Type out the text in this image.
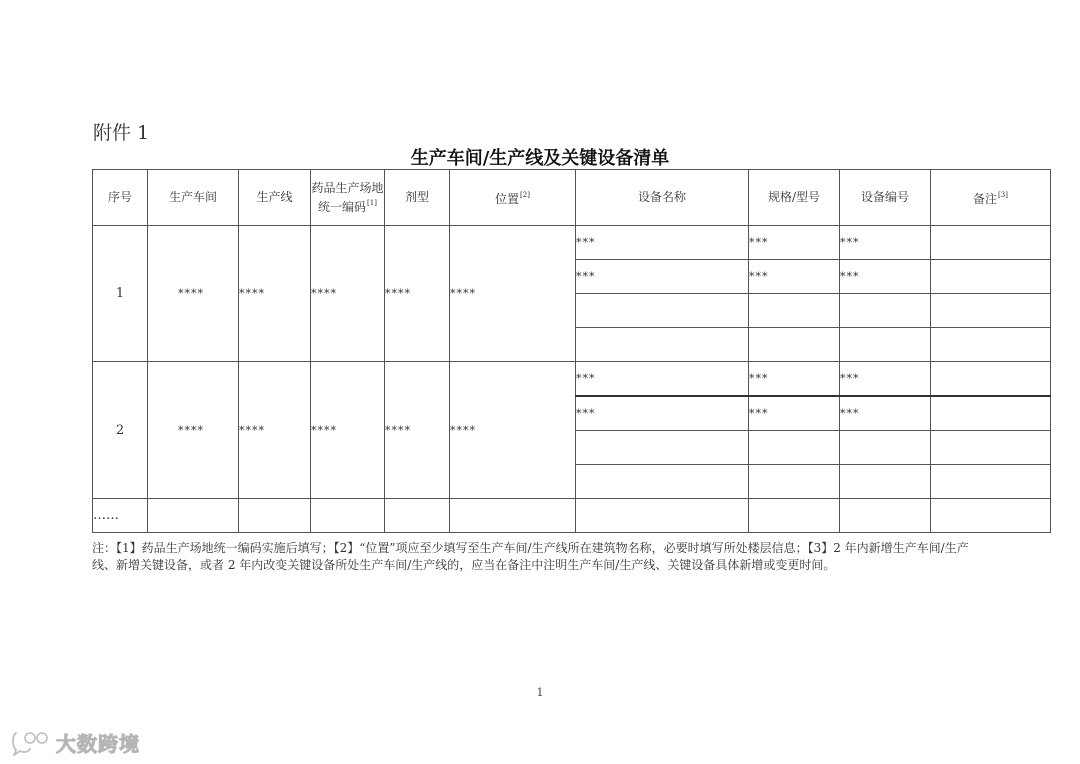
附件 1
生产车间/生产线及关键设备清单
序号	生产车间	生产线	药品生产场地统一编码[1]	剂型	位置[2]	设备名称	规格/型号	设备编号	备注[3]
1	****	****	****	****	****	***	***	***	
						***	***	***	

2	****	****	****	****	****	***	***	***	
						***	***	***	

……									

注：【1】药品生产场地统一编码实施后填写；【2】“位置”项应至少填写至生产车间/生产线所在建筑物名称，必要时填写所处楼层信息；【3】2 年内新增生产车间/生产线、新增关键设备，或者 2 年内改变关键设备所处生产车间/生产线的，应当在备注中注明生产车间/生产线、关键设备具体新增或变更时间。

1
大数跨境
